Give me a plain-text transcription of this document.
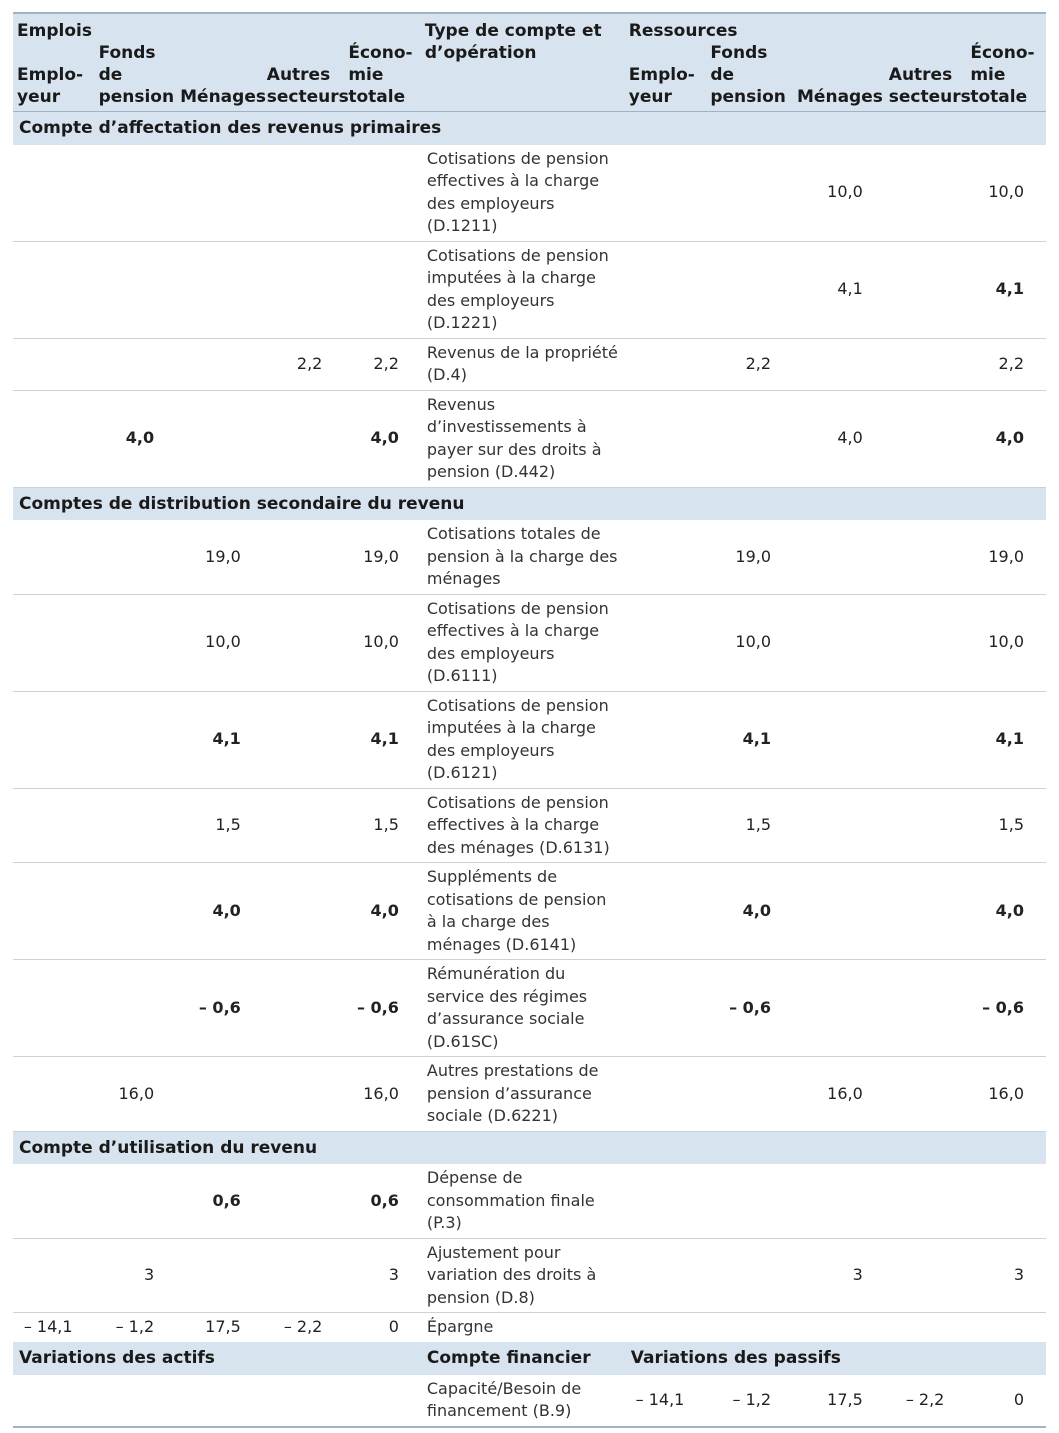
Emplois					Type de compte et d’opération	Ressources				
Emplo-​yeur	Fonds de pension	Ménages	Autres secteurs	Écono-​mie totale		Emplo-​yeur	Fonds de pension	Ménages	Autres secteurs	Écono-​mie totale
Compte d’affectation des revenus primaires										
					Cotisations de pension effectives à la charge des employeurs (D.1211)			10,0		10,0
					Cotisations de pension imputées à la charge des employeurs (D.1221)			4,1		4,1
			2,2	2,2	Revenus de la propriété (D.4)		2,2			2,2
	4,0			4,0	Revenus d’investissements à payer sur des droits à pension (D.442)			4,0		4,0
Comptes de distribution secondaire du revenu										
		19,0		19,0	Cotisations totales de pension à la charge des ménages		19,0			19,0
		10,0		10,0	Cotisations de pension effectives à la charge des employeurs (D.6111)		10,0			10,0
		4,1		4,1	Cotisations de pension imputées à la charge des employeurs (D.6121)		4,1			4,1
		1,5		1,5	Cotisations de pension effectives à la charge des ménages (D.6131)		1,5			1,5
		4,0		4,0	Suppléments de cotisations de pension à la charge des ménages (D.6141)		4,0			4,0
		– 0,6		– 0,6	Rémunération du service des régimes d’assurance sociale (D.61SC)		– 0,6			– 0,6
	16,0			16,0	Autres prestations de pension d’assurance sociale (D.6221)			16,0		16,0
Compte d’utilisation du revenu										
		0,6		0,6	Dépense de consommation finale (P.3)					
	3			3	Ajustement pour variation des droits à pension (D.8)			3		3
– 14,1	– 1,2	17,5	– 2,2	0	Épargne					
Variations des actifs					Compte financier	Variations des passifs				
					Capacité/Besoin de financement (B.9)	– 14,1	– 1,2	17,5	– 2,2	0
